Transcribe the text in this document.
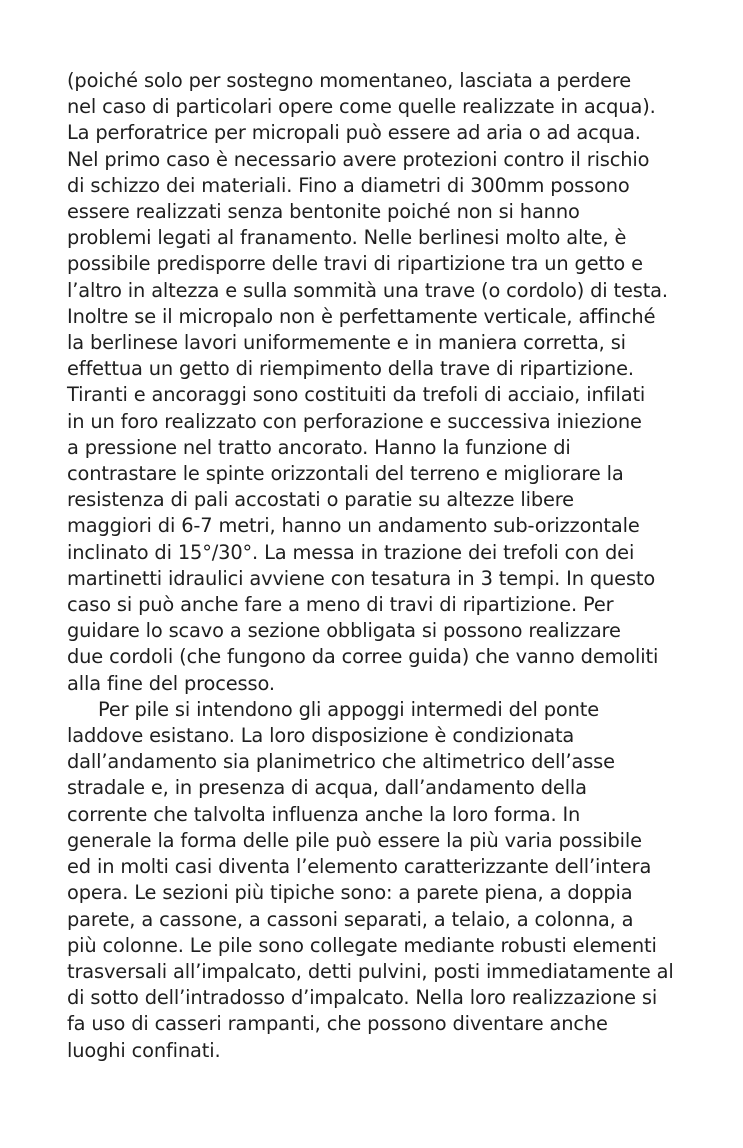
(poiché solo per sostegno momentaneo, lasciata a perdere
nel caso di particolari opere come quelle realizzate in acqua).
La perforatrice per micropali può essere ad aria o ad acqua.
Nel primo caso è necessario avere protezioni contro il rischio
di schizzo dei materiali. Fino a diametri di 300mm possono
essere realizzati senza bentonite poiché non si hanno
problemi legati al franamento. Nelle berlinesi molto alte, è
possibile predisporre delle travi di ripartizione tra un getto e
l’altro in altezza e sulla sommità una trave (o cordolo) di testa.
Inoltre se il micropalo non è perfettamente verticale, affinché
la berlinese lavori uniformemente e in maniera corretta, si
effettua un getto di riempimento della trave di ripartizione.
Tiranti e ancoraggi sono costituiti da trefoli di acciaio, infilati
in un foro realizzato con perforazione e successiva iniezione
a pressione nel tratto ancorato. Hanno la funzione di
contrastare le spinte orizzontali del terreno e migliorare la
resistenza di pali accostati o paratie su altezze libere
maggiori di 6-7 metri, hanno un andamento sub-orizzontale
inclinato di 15°/30°. La messa in trazione dei trefoli con dei
martinetti idraulici avviene con tesatura in 3 tempi. In questo
caso si può anche fare a meno di travi di ripartizione. Per
guidare lo scavo a sezione obbligata si possono realizzare
due cordoli (che fungono da corree guida) che vanno demoliti
alla fine del processo.

Per pile si intendono gli appoggi intermedi del ponte
laddove esistano. La loro disposizione è condizionata
dall’andamento sia planimetrico che altimetrico dell’asse
stradale e, in presenza di acqua, dall’andamento della
corrente che talvolta influenza anche la loro forma. In
generale la forma delle pile può essere la più varia possibile
ed in molti casi diventa l’elemento caratterizzante dell’intera
opera. Le sezioni più tipiche sono: a parete piena, a doppia
parete, a cassone, a cassoni separati, a telaio, a colonna, a
più colonne. Le pile sono collegate mediante robusti elementi
trasversali all’impalcato, detti pulvini, posti immediatamente al
di sotto dell’intradosso d’impalcato. Nella loro realizzazione si
fa uso di casseri rampanti, che possono diventare anche
luoghi confinati.
